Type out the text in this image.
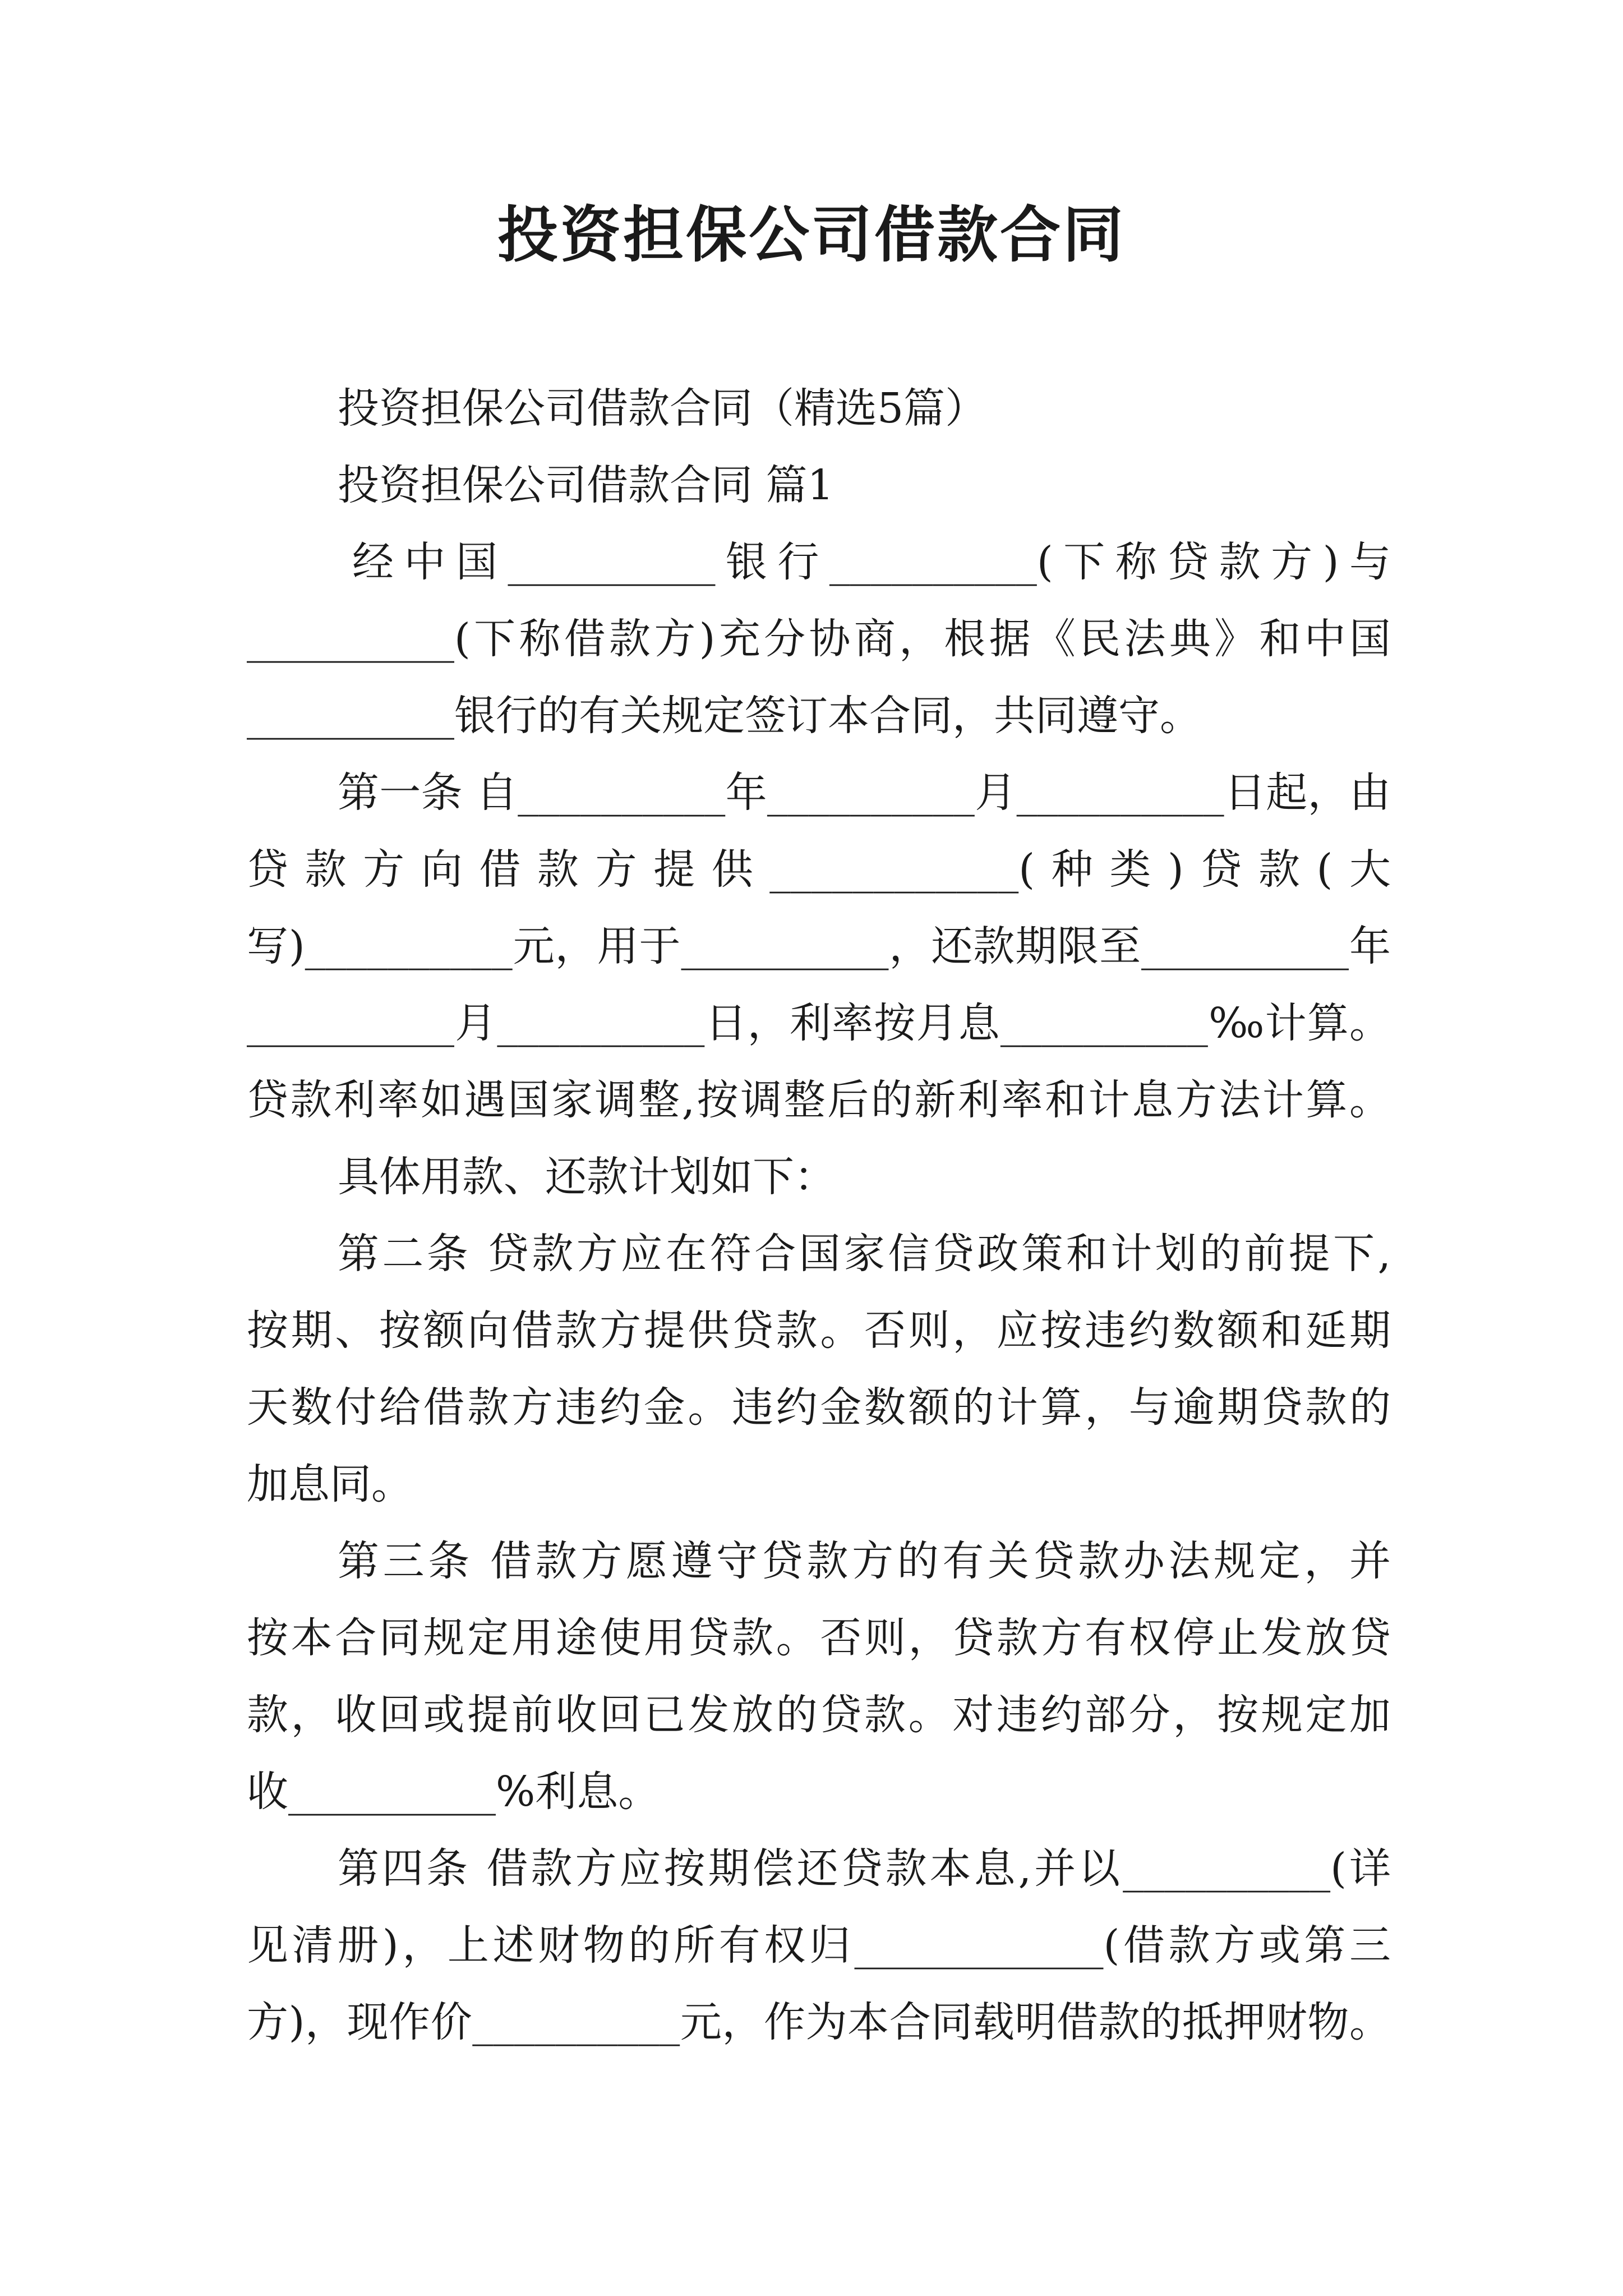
投资担保公司借款合同
投资担保公司借款合同（精选5篇）
投资担保公司借款合同 篇1
经中国__________银行__________(下称贷款方)与
__________(下称借款方)充分协商，根据《民法典》和中国
__________银行的有关规定签订本合同，共同遵守。
第一条 自__________年__________月__________日起，由
贷款方向借款方提供____________(种类)贷款(大
写)__________元，用于__________，还款期限至__________年
__________月__________日，利率按月息__________‰计算。
贷款利率如遇国家调整,按调整后的新利率和计息方法计算。
具体用款、还款计划如下：
第二条 贷款方应在符合国家信贷政策和计划的前提下,
按期、按额向借款方提供贷款。否则，应按违约数额和延期
天数付给借款方违约金。违约金数额的计算，与逾期贷款的
加息同。
第三条 借款方愿遵守贷款方的有关贷款办法规定，并
按本合同规定用途使用贷款。否则，贷款方有权停止发放贷
款，收回或提前收回已发放的贷款。对违约部分，按规定加
收__________%利息。
第四条 借款方应按期偿还贷款本息,并以__________(详
见清册)，上述财物的所有权归____________(借款方或第三
方)，现作价__________元，作为本合同载明借款的抵押财物。
